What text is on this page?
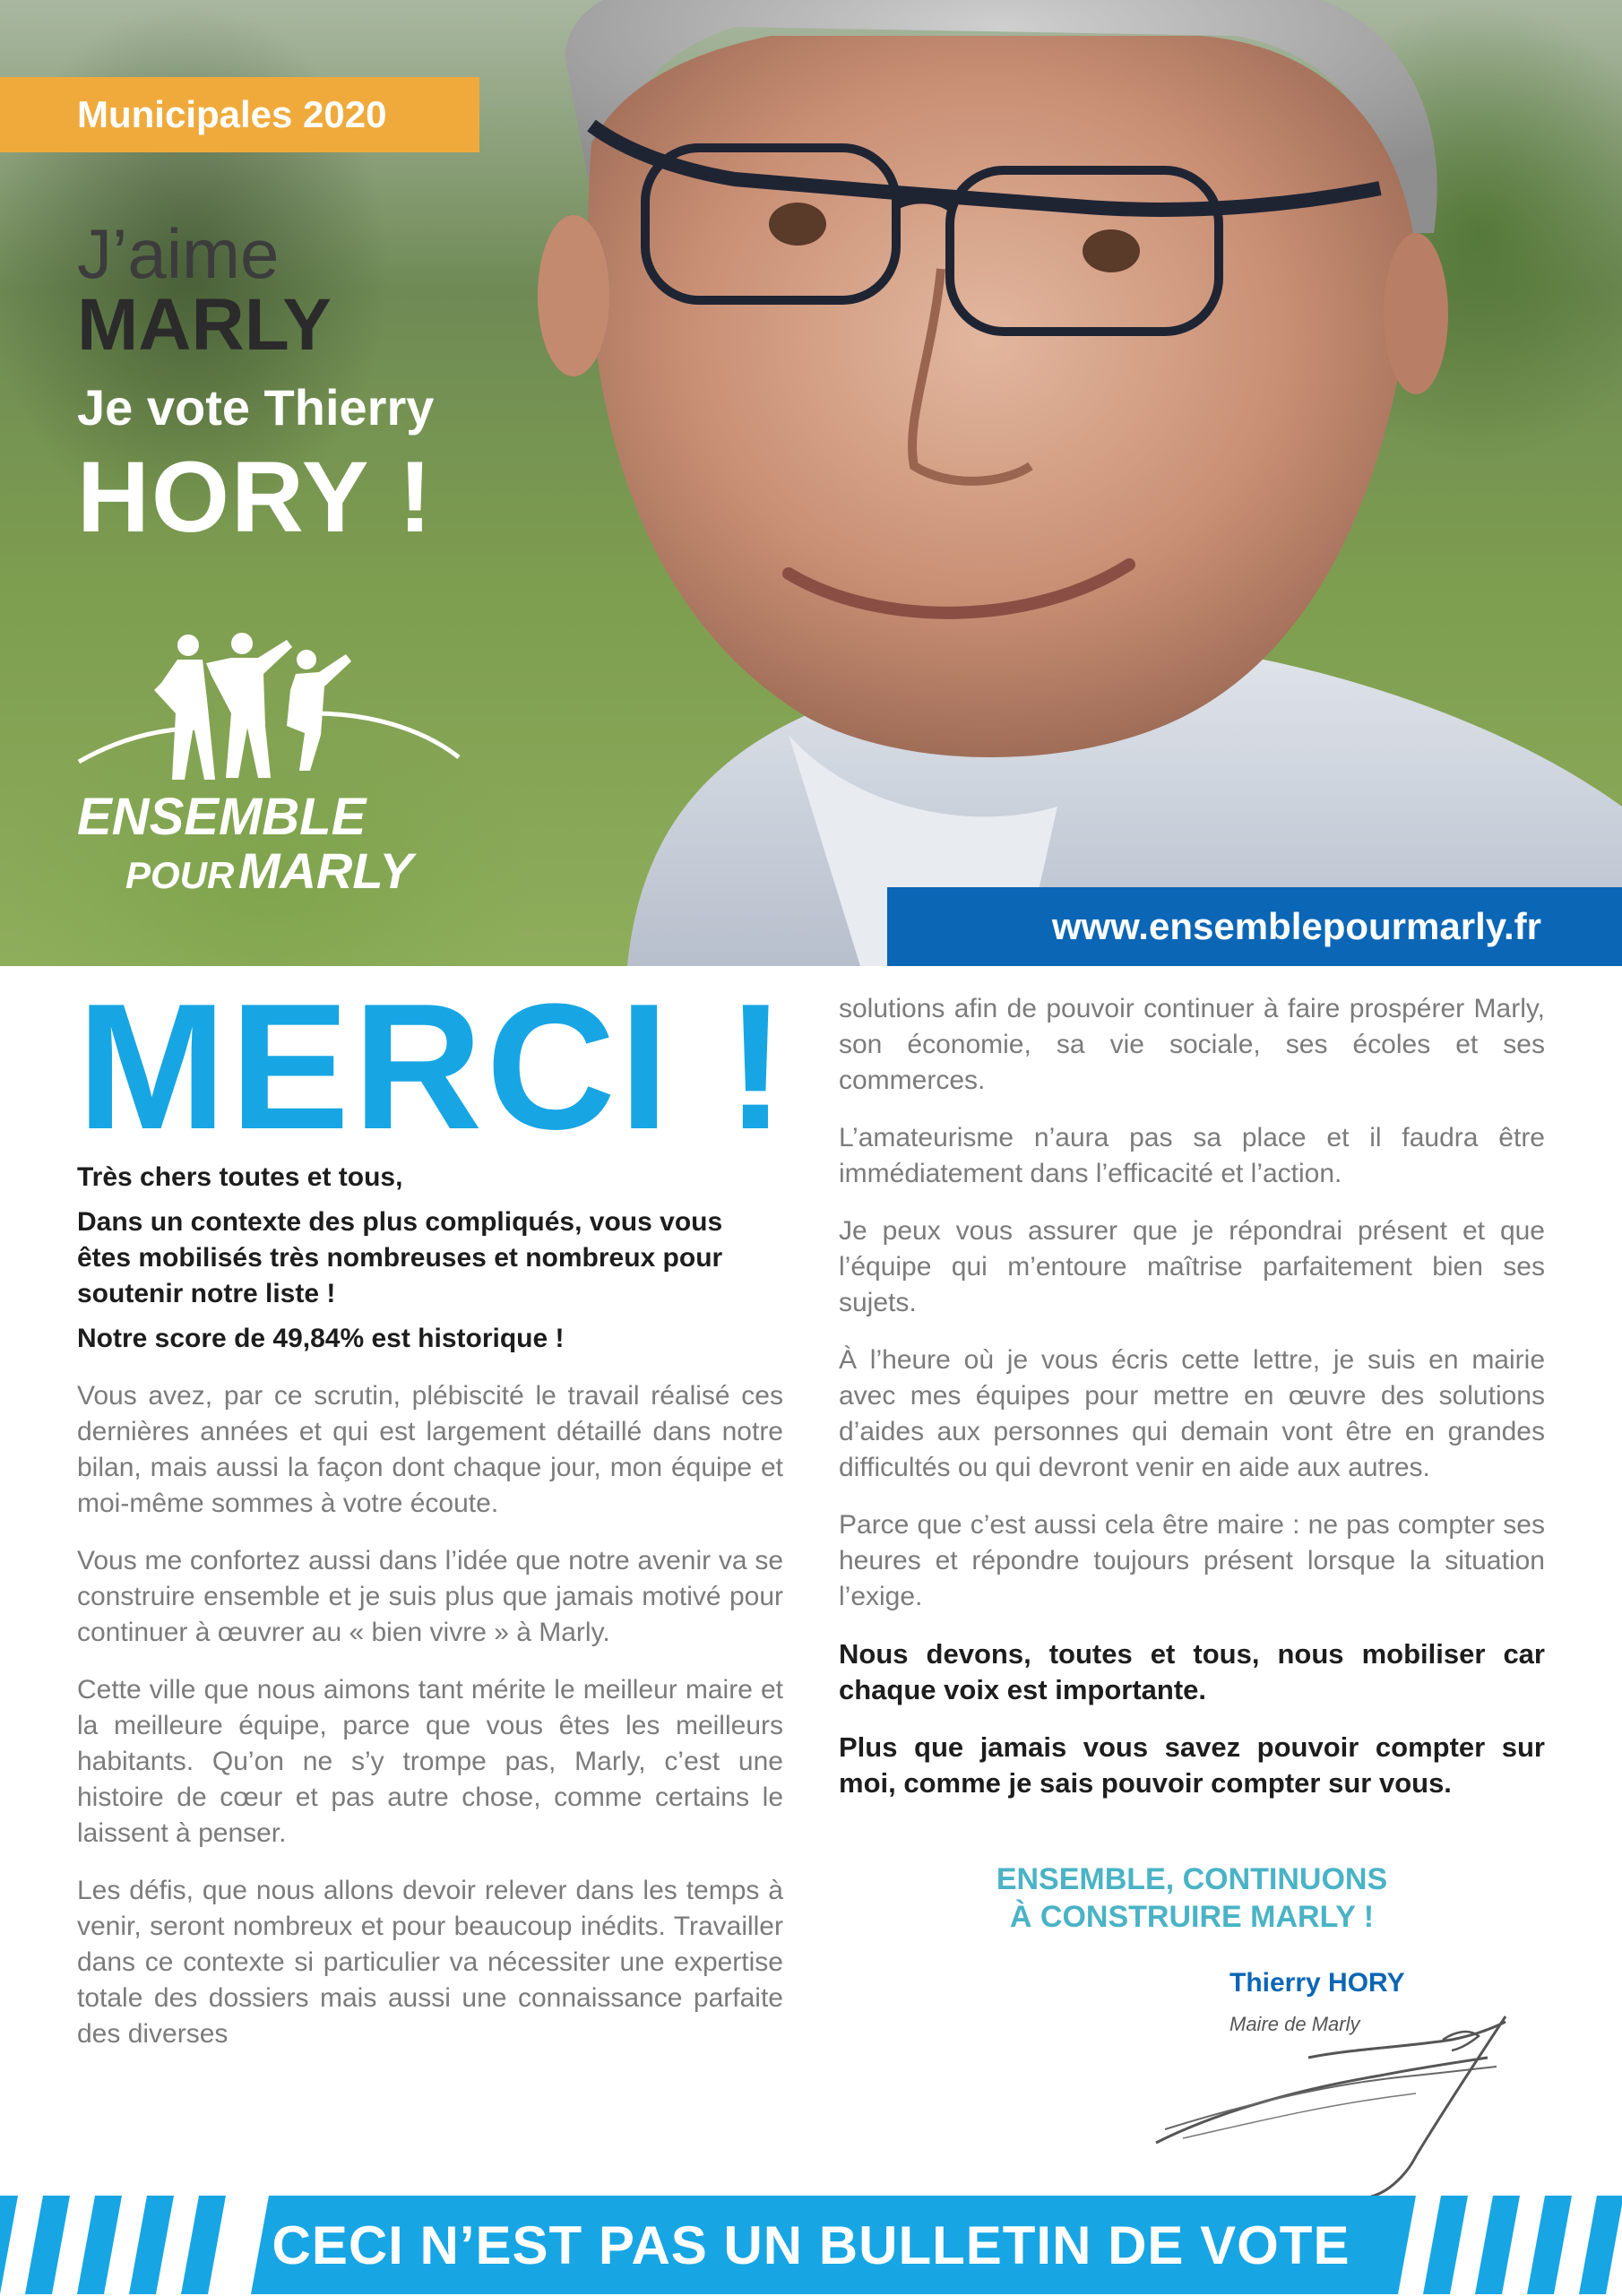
Municipales 2020
J’aime
MARLY
Je vote Thierry
HORY !
ENSEMBLE
POUR MARLY
www.ensemblepourmarly.fr
MERCI !

Très chers toutes et tous,

Dans un contexte des plus compliqués, vous vous êtes mobilisés très nombreuses et nombreux pour soutenir notre liste !

Notre score de 49,84% est historique !

Vous avez, par ce scrutin, plébiscité le travail réalisé ces dernières années et qui est largement détaillé dans notre bilan, mais aussi la façon dont chaque jour, mon équipe et moi-même sommes à votre écoute.

Vous me confortez aussi dans l’idée que notre avenir va se construire ensemble et je suis plus que jamais motivé pour continuer à œuvrer au « bien vivre » à Marly.

Cette ville que nous aimons tant mérite le meilleur maire et la meilleure équipe, parce que vous êtes les meilleurs habitants. Qu’on ne s’y trompe pas, Marly, c’est une histoire de cœur et pas autre chose, comme certains le laissent à penser.

Les défis, que nous allons devoir relever dans les temps à venir, seront nombreux et pour beaucoup inédits. Travailler dans ce contexte si particulier va nécessiter une expertise totale des dossiers mais aussi une connaissance parfaite des diverses

solutions afin de pouvoir continuer à faire prospérer Marly, son économie, sa vie sociale, ses écoles et ses commerces.

L’amateurisme n’aura pas sa place et il faudra être immédiatement dans l’efficacité et l’action.

Je peux vous assurer que je répondrai présent et que l’équipe qui m’entoure maîtrise parfaitement bien ses sujets.

À l’heure où je vous écris cette lettre, je suis en mairie avec mes équipes pour mettre en œuvre des solutions d’aides aux personnes qui demain vont être en grandes difficultés ou qui devront venir en aide aux autres.

Parce que c’est aussi cela être maire : ne pas compter ses heures et répondre toujours présent lorsque la situation l’exige.

Nous devons, toutes et tous, nous mobiliser car chaque voix est importante.

Plus que jamais vous savez pouvoir compter sur moi, comme je sais pouvoir compter sur vous.

ENSEMBLE, CONTINUONS
À CONSTRUIRE MARLY !
Thierry HORY
Maire de Marly
CECI N’EST PAS UN BULLETIN DE VOTE
